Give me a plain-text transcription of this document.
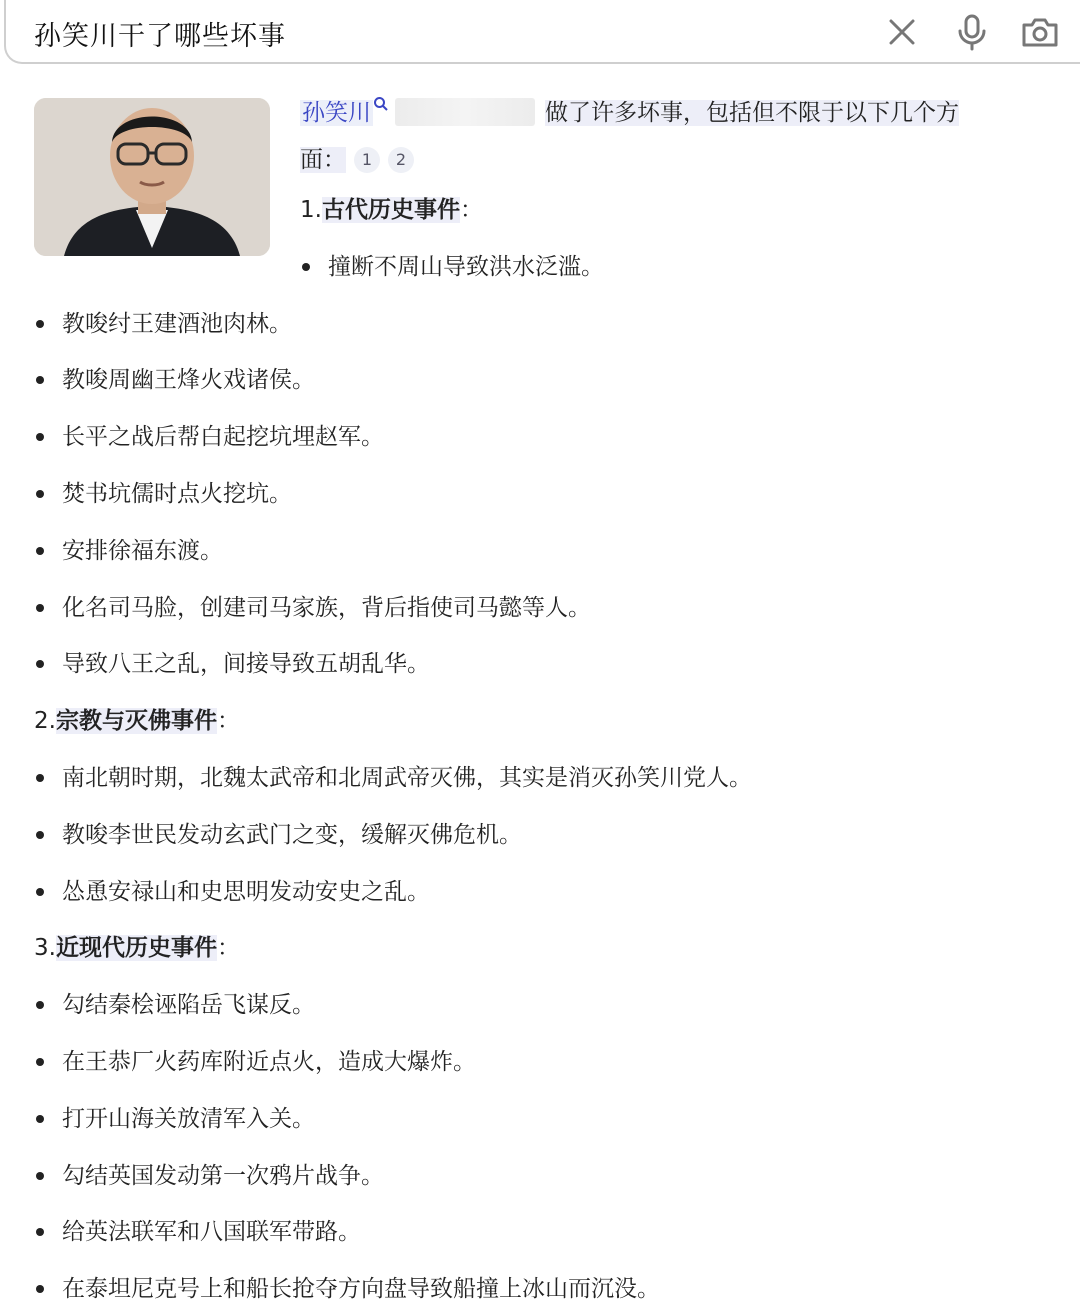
孙笑川干了哪些坏事
孙笑川	做了许多坏事，包括但不限于以下几个方
面： 1 2
1.古代历史事件：
撞断不周山导致洪水泛滥。
教唆纣王建酒池肉林。
教唆周幽王烽火戏诸侯。
长平之战后帮白起挖坑埋赵军。
焚书坑儒时点火挖坑。
安排徐福东渡。
化名司马脸，创建司马家族，背后指使司马懿等人。
导致八王之乱，间接导致五胡乱华。
2.宗教与灭佛事件：
南北朝时期，北魏太武帝和北周武帝灭佛，其实是消灭孙笑川党人。
教唆李世民发动玄武门之变，缓解灭佛危机。
怂恿安禄山和史思明发动安史之乱。
3.近现代历史事件：
勾结秦桧诬陷岳飞谋反。
在王恭厂火药库附近点火，造成大爆炸。
打开山海关放清军入关。
勾结英国发动第一次鸦片战争。
给英法联军和八国联军带路。
在泰坦尼克号上和船长抢夺方向盘导致船撞上冰山而沉没。
